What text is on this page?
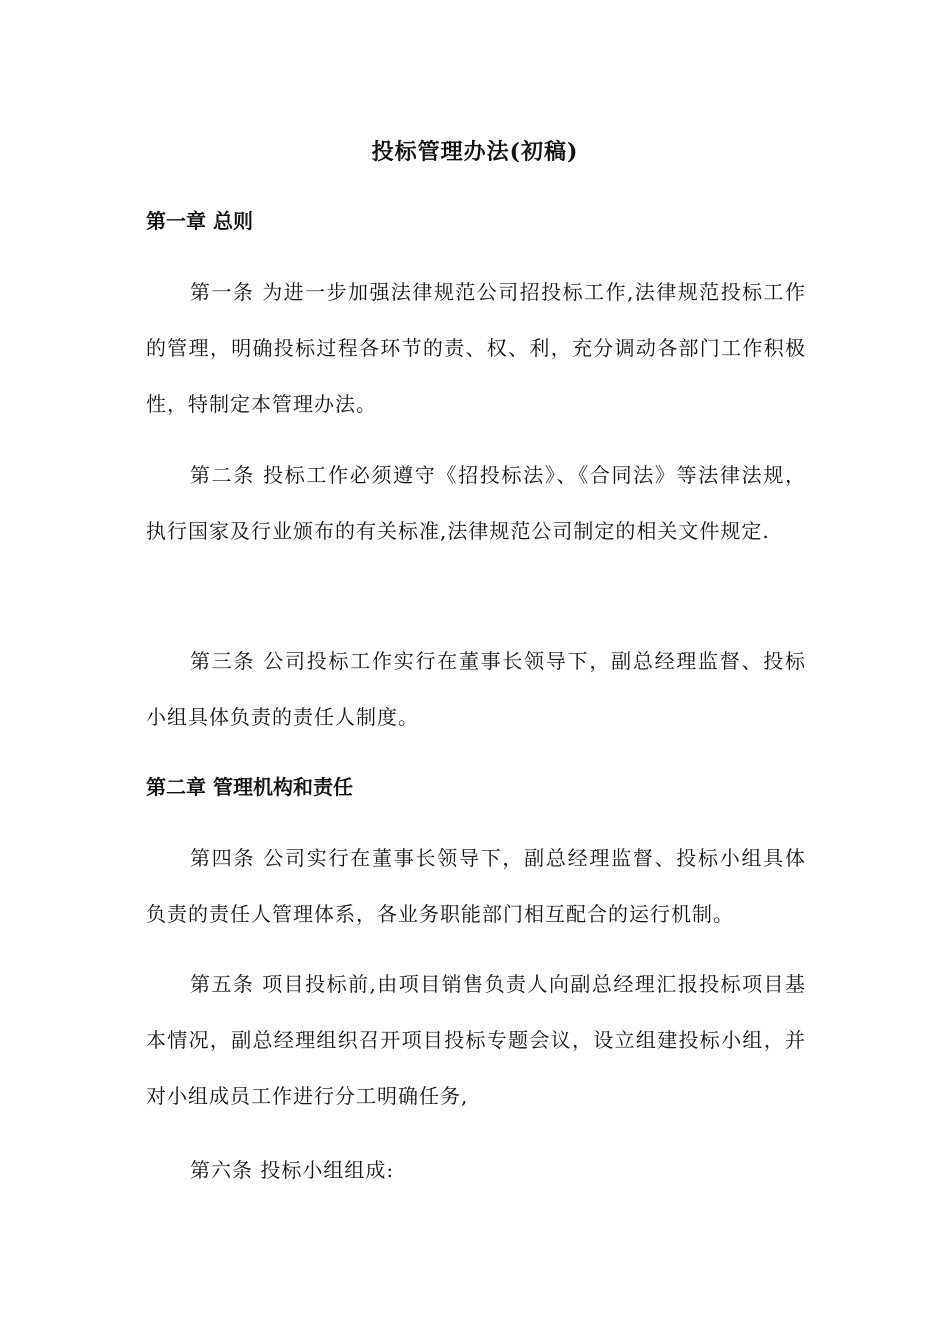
投标管理办法(初稿)
第一章 总则
第一条 为进一步加强法律规范公司招投标工作,法律规范投标工作的管理，明确投标过程各环节的责、权、利，充分调动各部门工作积极性，特制定本管理办法。
第二条 投标工作必须遵守《招投标法》、《合同法》等法律法规，执行国家及行业颁布的有关标准,法律规范公司制定的相关文件规定.
第三条 公司投标工作实行在董事长领导下，副总经理监督、投标小组具体负责的责任人制度。
第二章 管理机构和责任
第四条 公司实行在董事长领导下，副总经理监督、投标小组具体负责的责任人管理体系，各业务职能部门相互配合的运行机制。
第五条 项目投标前,由项目销售负责人向副总经理汇报投标项目基本情况，副总经理组织召开项目投标专题会议，设立组建投标小组，并对小组成员工作进行分工明确任务,
第六条 投标小组组成:
